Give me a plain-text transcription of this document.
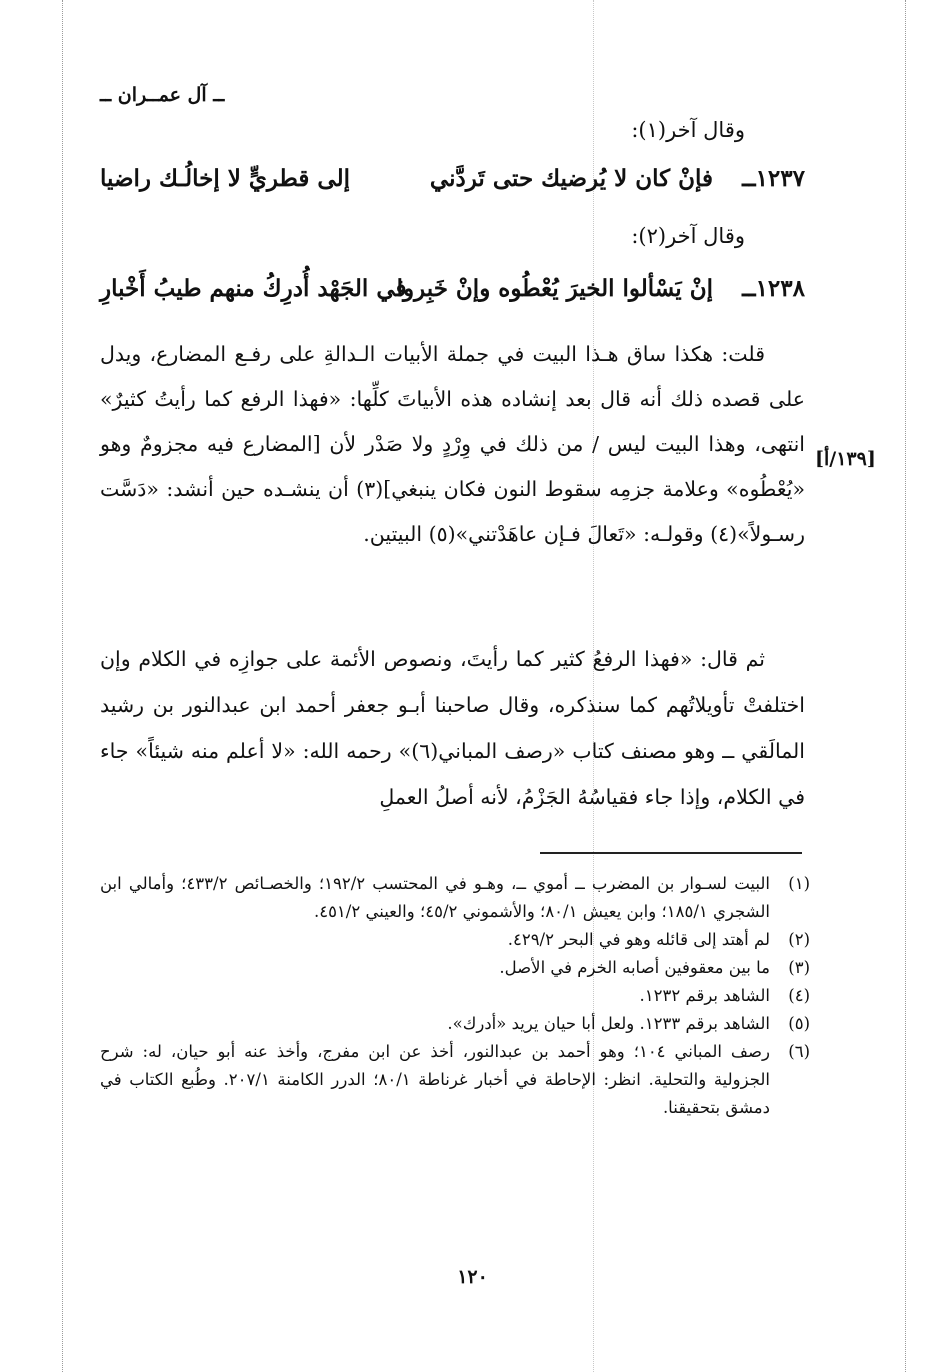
ــ آل عمــران ــ
وقال آخر(١):
١٢٣٧ــ
فإنْ كان لا يُرضيك حتى تَردَّني
إلى قطريٍّ لا إخالُـك راضيا
وقال آخر(٢):
١٢٣٨ــ
إنْ يَسْألوا الخيرَ يُعْطُوه وإنْ خَبِروا
في الجَهْد أُدرِكُ منهم طيبُ أَخْبارِ
قلت: هكذا ساق هـذا البيت في جملة الأبيات الـدالةِ على رفـع المضارع، ويدل على قصده ذلك أنه قال بعد إنشاده هذه الأبياتَ كلِّها: «فهذا الرفع كما رأيتُ كثيرٌ» انتهى، وهذا البيت ليس / من ذلك في وِرْدٍ ولا صَدْر لأن [المضارع فيه مجزومٌ وهو «يُعْطُوه» وعلامة جزمِه سقوط النون فكان ينبغي](٣) أن ينشـده حين أنشد: «دَسَّت رسـولاً»(٤) وقولـه: «تَعالَ فـإن عاهَدْتني»(٥) البيتين.
[١٣٩/أ]
ثم قال: «فهذا الرفعُ كثير كما رأيتَ، ونصوص الأئمة على جوازِه في الكلام وإن اختلفتْ تأويلاتُهم كما سنذكره، وقال صاحبنا أبـو جعفر أحمد ابن عبدالنور بن رشيد المالَقي ــ وهو مصنف كتاب «رصف المباني(٦)» رحمه الله: «لا أعلم منه شيئاً» جاء في الكلام، وإذا جاء فقياسُهُ الجَزْمُ، لأنه أصلُ العملِ
(١)
البيت لسـوار بن المضرب ــ أموي ــ، وهـو في المحتسب ١٩٢/٢؛ والخصـائص ٤٣٣/٢؛ وأمالي ابن الشجري ١٨٥/١؛ وابن يعيش ٨٠/١؛ والأشموني ٤٥/٢؛ والعيني ٤٥١/٢.
(٢)
لم أهتد إلى قائله وهو في البحر ٤٢٩/٢.
(٣)
ما بين معقوفين أصابه الخرم في الأصل.
(٤)
الشاهد برقم ١٢٣٢.
(٥)
الشاهد برقم ١٢٣٣. ولعل أبا حيان يريد «أدرك».
(٦)
رصف المباني ١٠٤؛ وهو أحمد بن عبدالنور، أخذ عن ابن مفرج، وأخذ عنه أبو حيان، له: شرح الجزولية والتحلية. انظر: الإحاطة في أخبار غرناطة ٨٠/١؛ الدرر الكامنة ٢٠٧/١. وطُبع الكتاب في دمشق بتحقيقنا.
١٢٠
